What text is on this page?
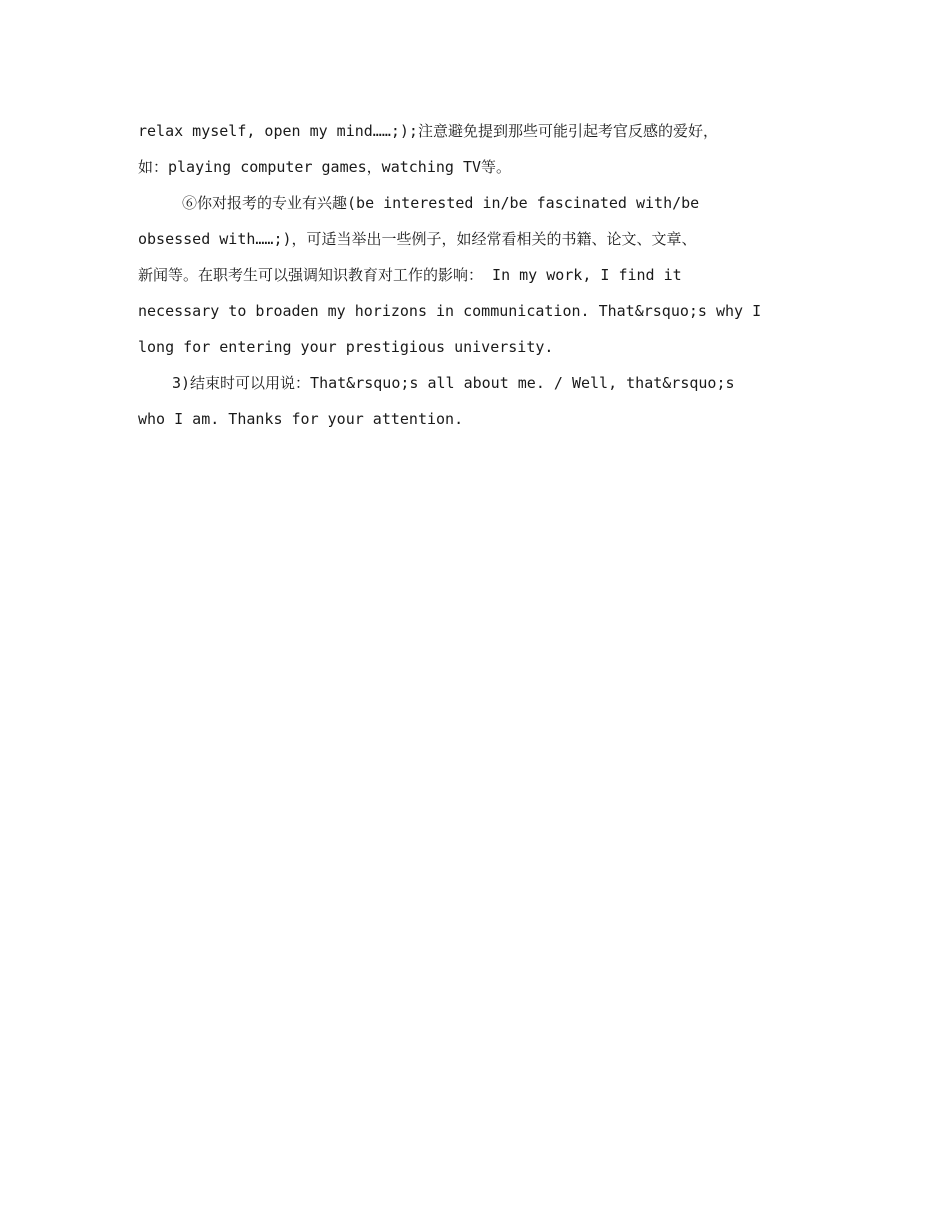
relax myself, open my mind……;);注意避免提到那些可能引起考官反感的爱好，
如：playing computer games，watching TV等。
⑥你对报考的专业有兴趣(be interested in/be fascinated with/be
obsessed with……;)，可适当举出一些例子，如经常看相关的书籍、论文、文章、
新闻等。在职考生可以强调知识教育对工作的影响： In my work, I find it
necessary to broaden my horizons in communication. That&rsquo;s why I
long for entering your prestigious university.
3)结束时可以用说：That&rsquo;s all about me. / Well, that&rsquo;s
who I am. Thanks for your attention.
